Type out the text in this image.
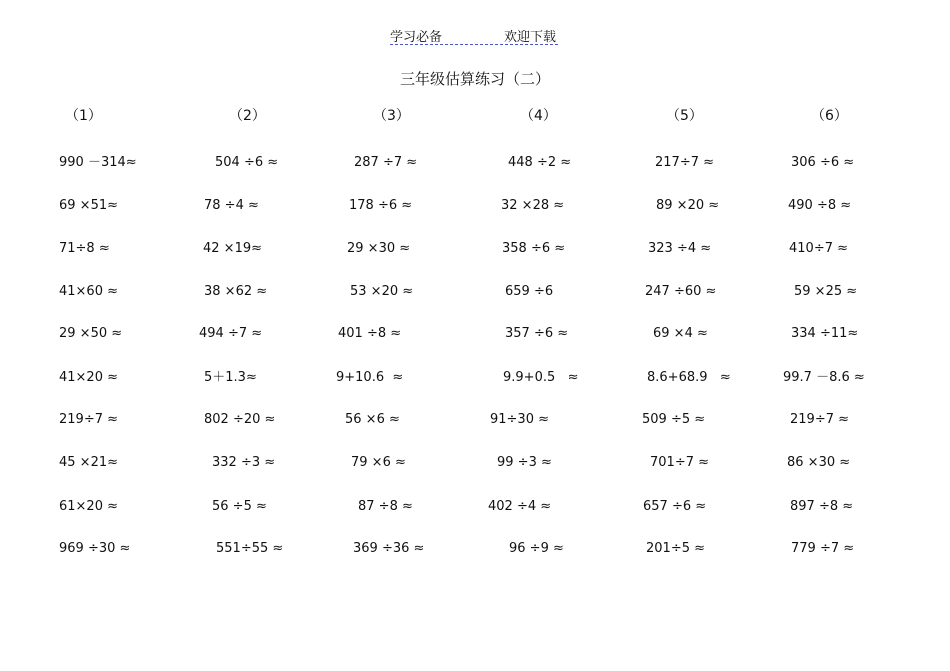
学习必备	欢迎下载
三年级估算练习（二）
（1）	（2）	（3）	（4）	（5）	（6）
990 －314≈	504 ÷6 ≈	287 ÷7 ≈	448 ÷2 ≈	217÷7 ≈	306 ÷6 ≈
69 ×51≈	78 ÷4 ≈	178 ÷6 ≈	32 ×28 ≈	89 ×20 ≈	490 ÷8 ≈
71÷8 ≈	42 ×19≈	29 ×30 ≈	358 ÷6 ≈	323 ÷4 ≈	410÷7 ≈
41×60 ≈	38 ×62 ≈	53 ×20 ≈	659 ÷6	247 ÷60 ≈	59 ×25 ≈
29 ×50 ≈	494 ÷7 ≈	401 ÷8 ≈	357 ÷6 ≈	69 ×4 ≈	334 ÷11≈
41×20 ≈	5＋1.3≈	9+10.6  ≈	9.9+0.5   ≈	8.6+68.9   ≈	99.7 －8.6 ≈
219÷7 ≈	802 ÷20 ≈	56 ×6 ≈	91÷30 ≈	509 ÷5 ≈	219÷7 ≈
45 ×21≈	332 ÷3 ≈	79 ×6 ≈	99 ÷3 ≈	701÷7 ≈	86 ×30 ≈
61×20 ≈	56 ÷5 ≈	87 ÷8 ≈	402 ÷4 ≈	657 ÷6 ≈	897 ÷8 ≈
969 ÷30 ≈	551÷55 ≈	369 ÷36 ≈	96 ÷9 ≈	201÷5 ≈	779 ÷7 ≈
